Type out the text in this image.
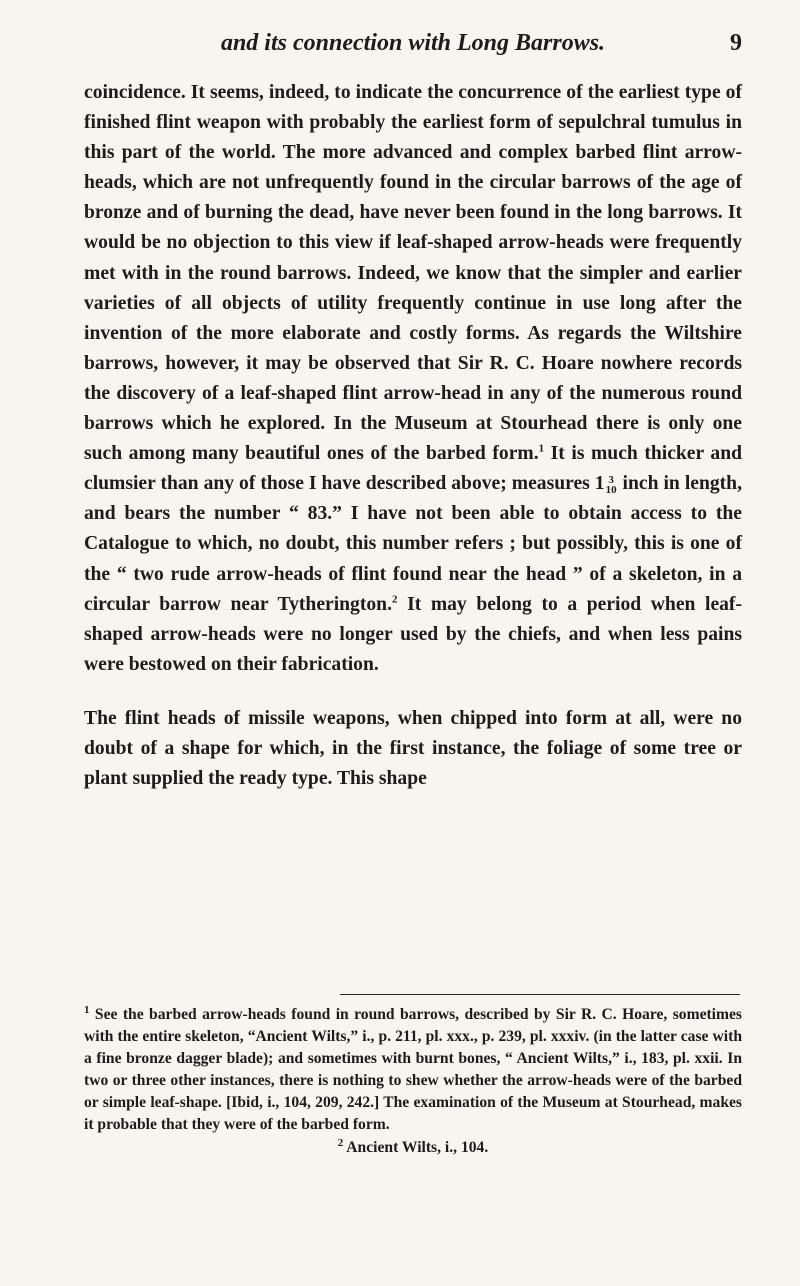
and its connection with Long Barrows.	9

coincidence. It seems, indeed, to indicate the concurrence of the earliest type of finished flint weapon with probably the earliest form of sepulchral tumulus in this part of the world. The more advanced and complex barbed flint arrow-heads, which are not unfrequently found in the circular barrows of the age of bronze and of burning the dead, have never been found in the long barrows. It would be no objection to this view if leaf-shaped arrow-heads were frequently met with in the round barrows. Indeed, we know that the simpler and earlier varieties of all objects of utility frequently continue in use long after the invention of the more elaborate and costly forms. As regards the Wiltshire barrows, however, it may be observed that Sir R. C. Hoare nowhere records the discovery of a leaf-shaped flint arrow-head in any of the numerous round barrows which he explored. In the Museum at Stourhead there is only one such among many beautiful ones of the barbed form.$^1$ It is much thicker and clumsier than any of those I have described above; measures 1 3
10 inch in length, and bears the number “ 83.” I have not been able to obtain access to the Catalogue to which, no doubt, this number refers ; but possibly, this is one of the “ two rude arrow-heads of flint found near the head ” of a skeleton, in a circular barrow near Tytherington.$^2$ It may belong to a period when leaf-shaped arrow-heads were no longer used by the chiefs, and when less pains were bestowed on their fabrication.

The flint heads of missile weapons, when chipped into form at all, were no doubt of a shape for which, in the first instance, the foliage of some tree or plant supplied the ready type. This shape

$^1$ See the barbed arrow-heads found in round barrows, described by Sir R. C. Hoare, sometimes with the entire skeleton, “Ancient Wilts,” i., p. 211, pl. xxx., p. 239, pl. xxxiv. (in the latter case with a fine bronze dagger blade); and sometimes with burnt bones, “ Ancient Wilts,” i., 183, pl. xxii. In two or three other instances, there is nothing to shew whether the arrow-heads were of the barbed or simple leaf-shape. [Ibid, i., 104, 209, 242.] The examination of the Museum at Stourhead, makes it probable that they were of the barbed form.

$^2$ Ancient Wilts, i., 104.
